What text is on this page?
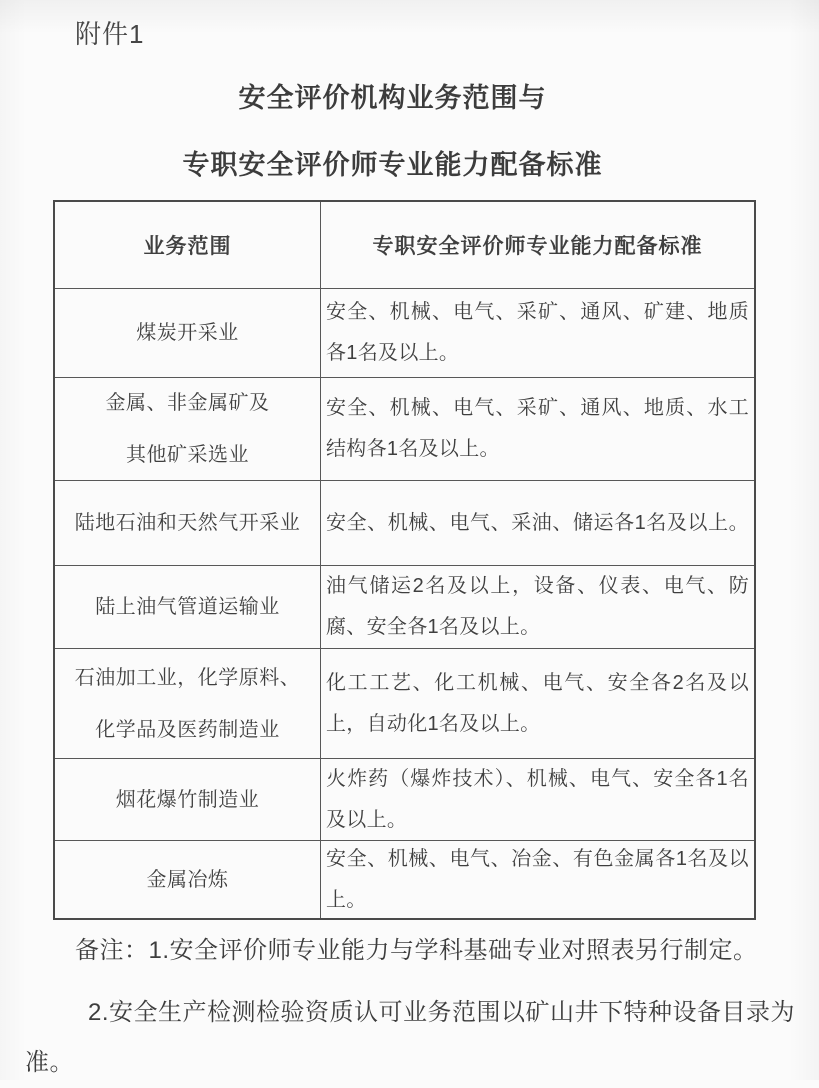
附件1
安全评价机构业务范围与
专职安全评价师专业能力配备标准
业务范围	专职安全评价师专业能力配备标准
煤炭开采业
安全、机械、电气、采矿、通风、矿建、地质
各1名及以上。
金属、非金属矿及
其他矿采选业
安全、机械、电气、采矿、通风、地质、水工
结构各1名及以上。
陆地石油和天然气开采业 安全、机械、电气、采油、储运各1名及以上。
陆上油气管道运输业
油气储运2名及以上，设备、仪表、电气、防
腐、安全各1名及以上。
石油加工业，化学原料、
化学品及医药制造业
化工工艺、化工机械、电气、安全各2名及以
上，自动化1名及以上。
烟花爆竹制造业
火炸药（爆炸技术）、机械、电气、安全各1名
及以上。
金属冶炼
安全、机械、电气、冶金、有色金属各1名及以
上。
备注：1.安全评价师专业能力与学科基础专业对照表另行制定。
2.安全生产检测检验资质认可业务范围以矿山井下特种设备目录为
准。
